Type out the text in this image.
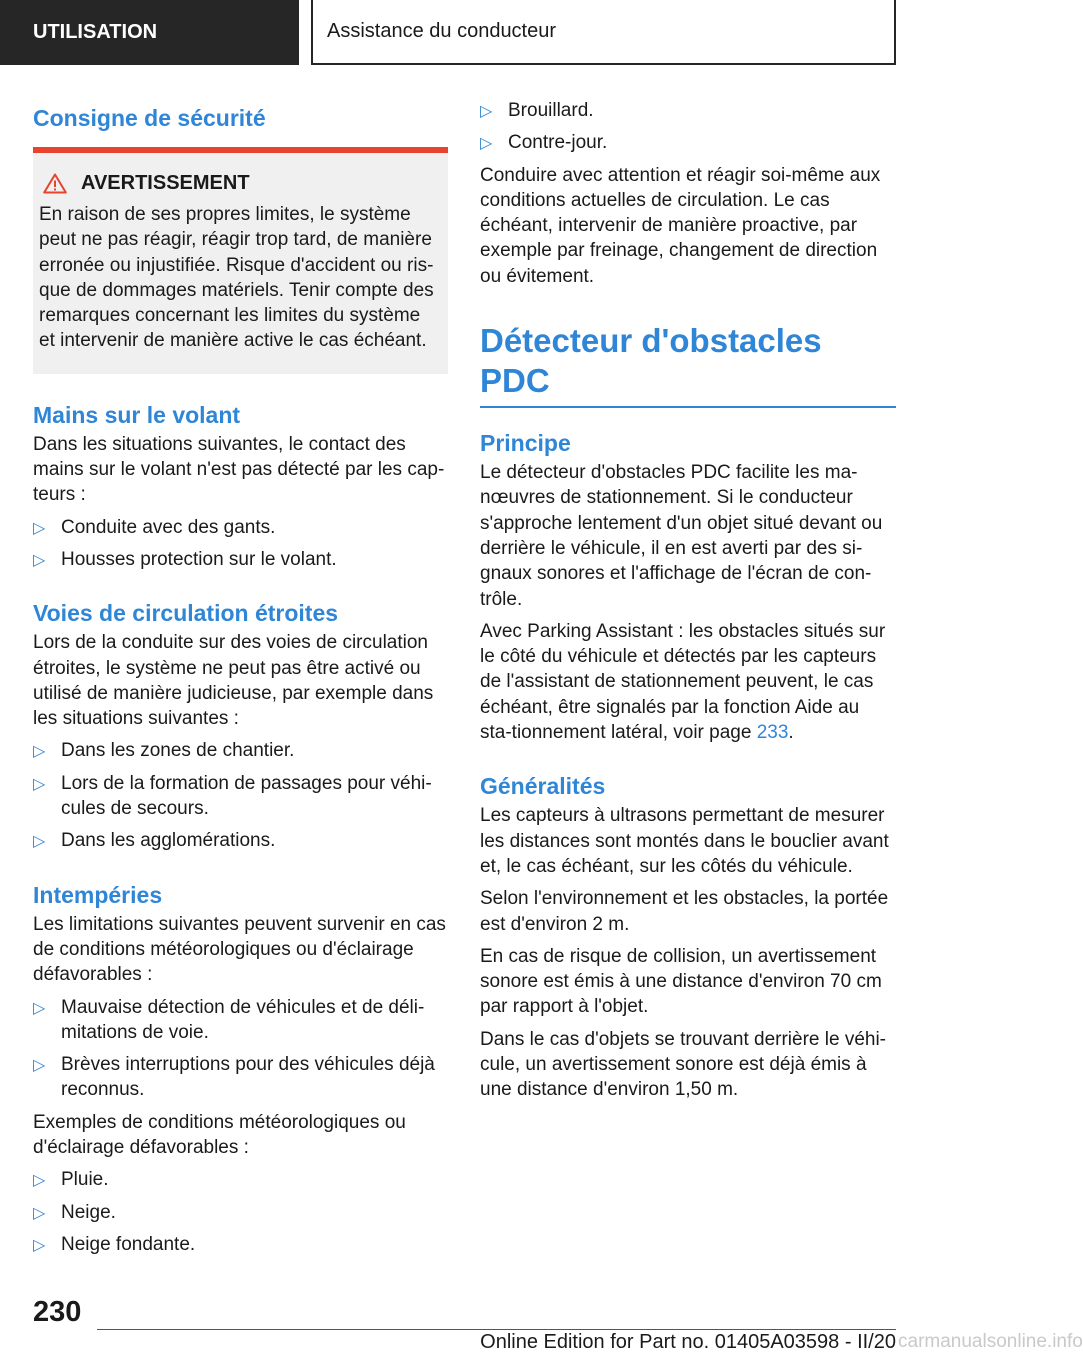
UTILISATION	Assistance du conducteur
Consigne de sécurité
AVERTISSEMENT

En raison de ses propres limites, le système peut ne pas réagir, réagir trop tard, de manière erronée ou injustifiée. Risque d'accident ou ris-que de dommages matériels. Tenir compte des remarques concernant les limites du système et intervenir de manière active le cas échéant.

Mains sur le volant

Dans les situations suivantes, le contact des mains sur le volant n'est pas détecté par les cap-teurs :

▷ Conduite avec des gants.
▷ Housses protection sur le volant.
Voies de circulation étroites

Lors de la conduite sur des voies de circulation étroites, le système ne peut pas être activé ou utilisé de manière judicieuse, par exemple dans les situations suivantes :

▷ Dans les zones de chantier.
▷ Lors de la formation de passages pour véhi-cules de secours.
▷ Dans les agglomérations.
Intempéries

Les limitations suivantes peuvent survenir en cas de conditions météorologiques ou d'éclairage défavorables :

▷ Mauvaise détection de véhicules et de déli-mitations de voie.
▷ Brèves interruptions pour des véhicules déjà reconnus.

Exemples de conditions météorologiques ou d'éclairage défavorables :

▷ Pluie.
▷ Neige.
▷ Neige fondante.
▷ Brouillard.
▷ Contre-jour.

Conduire avec attention et réagir soi-même aux conditions actuelles de circulation. Le cas échéant, intervenir de manière proactive, par exemple par freinage, changement de direction ou évitement.

Détecteur d'obstacles PDC
Principe

Le détecteur d'obstacles PDC facilite les ma-nœuvres de stationnement. Si le conducteur s'approche lentement d'un objet situé devant ou derrière le véhicule, il en est averti par des si-gnaux sonores et l'affichage de l'écran de con-trôle.

Avec Parking Assistant : les obstacles situés sur le côté du véhicule et détectés par les capteurs de l'assistant de stationnement peuvent, le cas échéant, être signalés par la fonction Aide au sta-tionnement latéral, voir page 233.

Généralités

Les capteurs à ultrasons permettant de mesurer les distances sont montés dans le bouclier avant et, le cas échéant, sur les côtés du véhicule.

Selon l'environnement et les obstacles, la portée est d'environ 2 m.

En cas de risque de collision, un avertissement sonore est émis à une distance d'environ 70 cm par rapport à l'objet.

Dans le cas d'objets se trouvant derrière le véhi-cule, un avertissement sonore est déjà émis à une distance d'environ 1,50 m.

230
Online Edition for Part no. 01405A03598 - II/20 carmanualsonline.info
